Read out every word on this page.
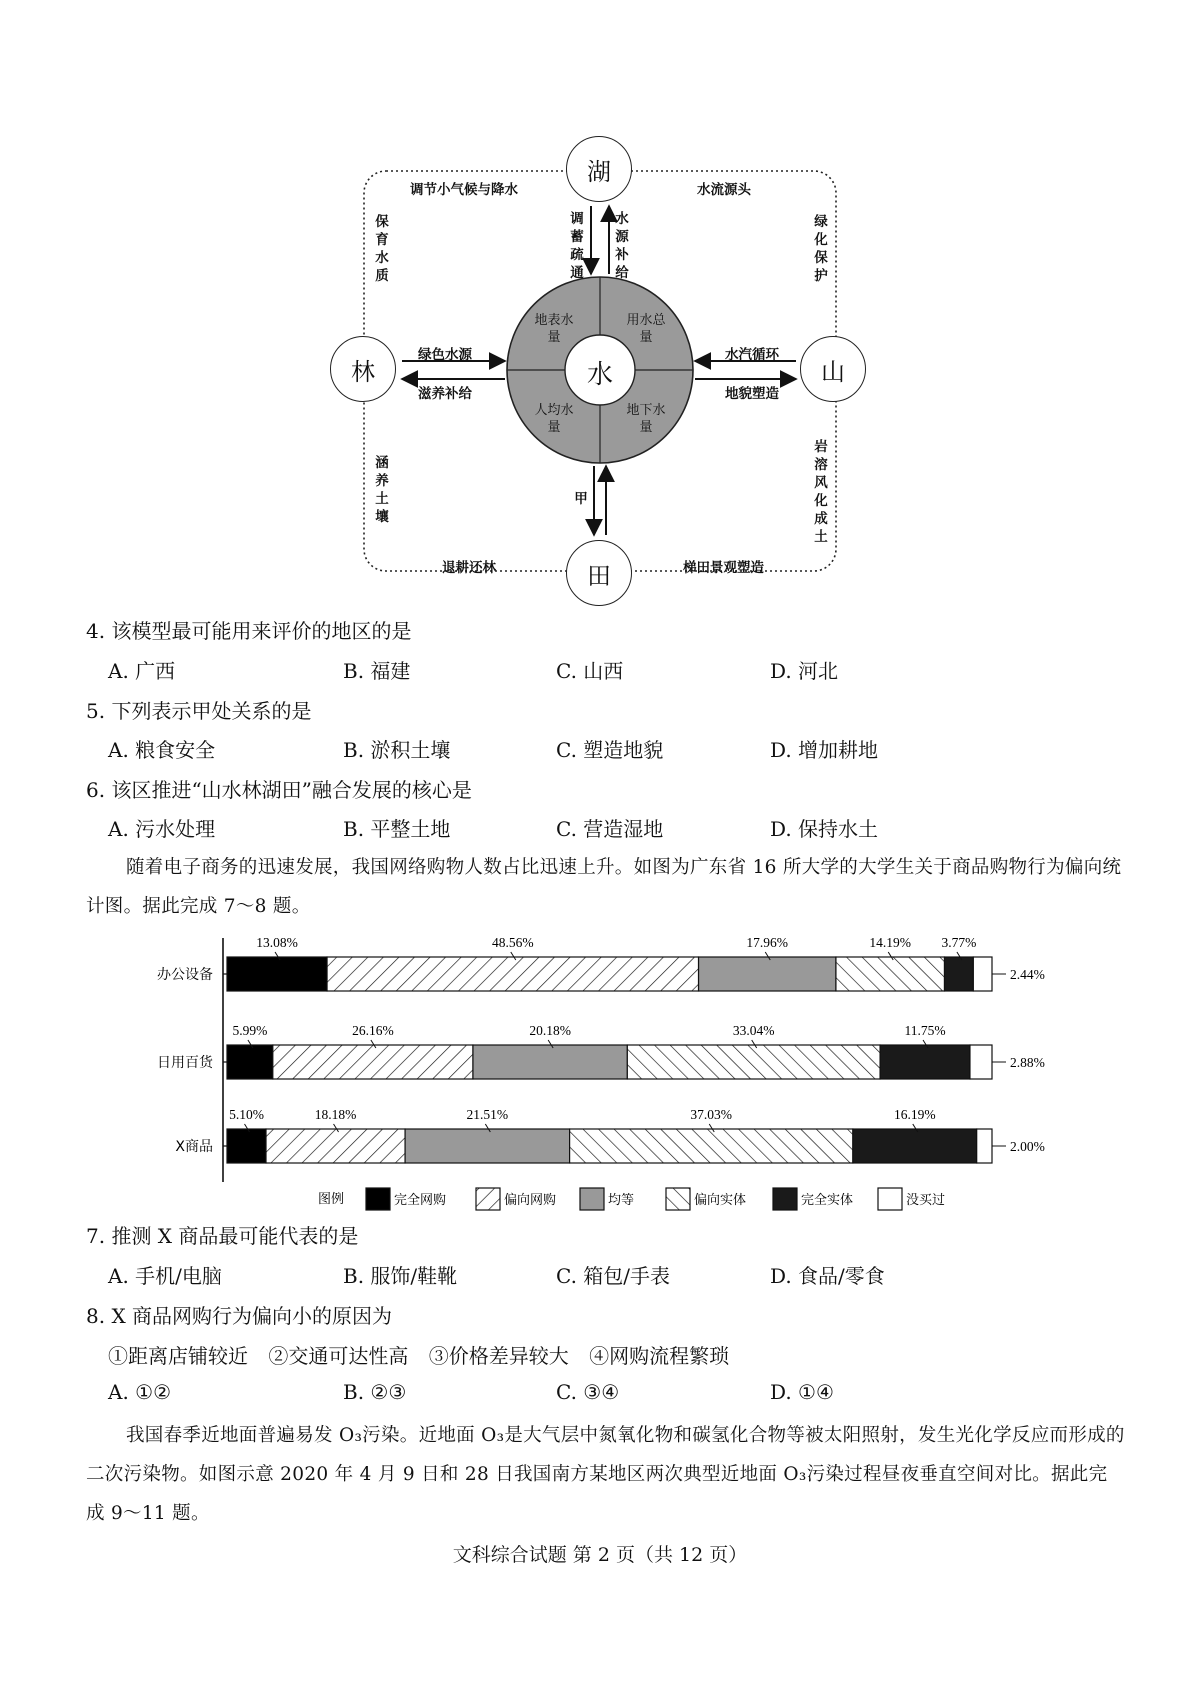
湖
林	山
田
水
地表水量
用水总量
人均水量
地下水量
调节小气候与降水	水流源头
退耕还林	梯田景观塑造
绿色水源
滋养补给
水汽循环
地貌塑造
保育水质
涵养土壤
绿化保护
岩溶风化成土
调蓄疏通
水源补给
甲
4. 该模型最可能用来评价的地区的是
A. 广西	B. 福建	C. 山西	D. 河北
5. 下列表示甲处关系的是
A. 粮食安全	B. 淤积土壤	C. 塑造地貌	D. 增加耕地
6. 该区推进“山水林湖田”融合发展的核心是
A. 污水处理	B. 平整土地	C. 营造湿地	D. 保持水土
随着电子商务的迅速发展，我国网络购物人数占比迅速上升。如图为广东省 16 所大学的大学生关于商品购物行为偏向统计图。据此完成 7～8 题。
办公设备
13.08%	48.56%	17.96%	14.19% 3.77%
2.44%
日用百货
5.99%	26.16%	20.18%	33.04%	11.75%
2.88%
X商品
5.10%	18.18%	21.51%	37.03%	16.19%
2.00%
图例	完全网购	偏向网购	均等	偏向实体	完全实体	没买过
7. 推测 X 商品最可能代表的是
A. 手机/电脑	B. 服饰/鞋靴	C. 箱包/手表	D. 食品/零食
8. X 商品网购行为偏向小的原因为
①距离店铺较近 ②交通可达性高 ③价格差异较大 ④网购流程繁琐
A. ①②	B. ②③	C. ③④	D. ①④
我国春季近地面普遍易发 O₃污染。近地面 O₃是大气层中氮氧化物和碳氢化合物等被太阳照射，发生光化学反应而形成的二次污染物。如图示意 2020 年 4 月 9 日和 28 日我国南方某地区两次典型近地面 O₃污染过程昼夜垂直空间对比。据此完成 9～11 题。
文科综合试题 第 2 页（共 12 页）
